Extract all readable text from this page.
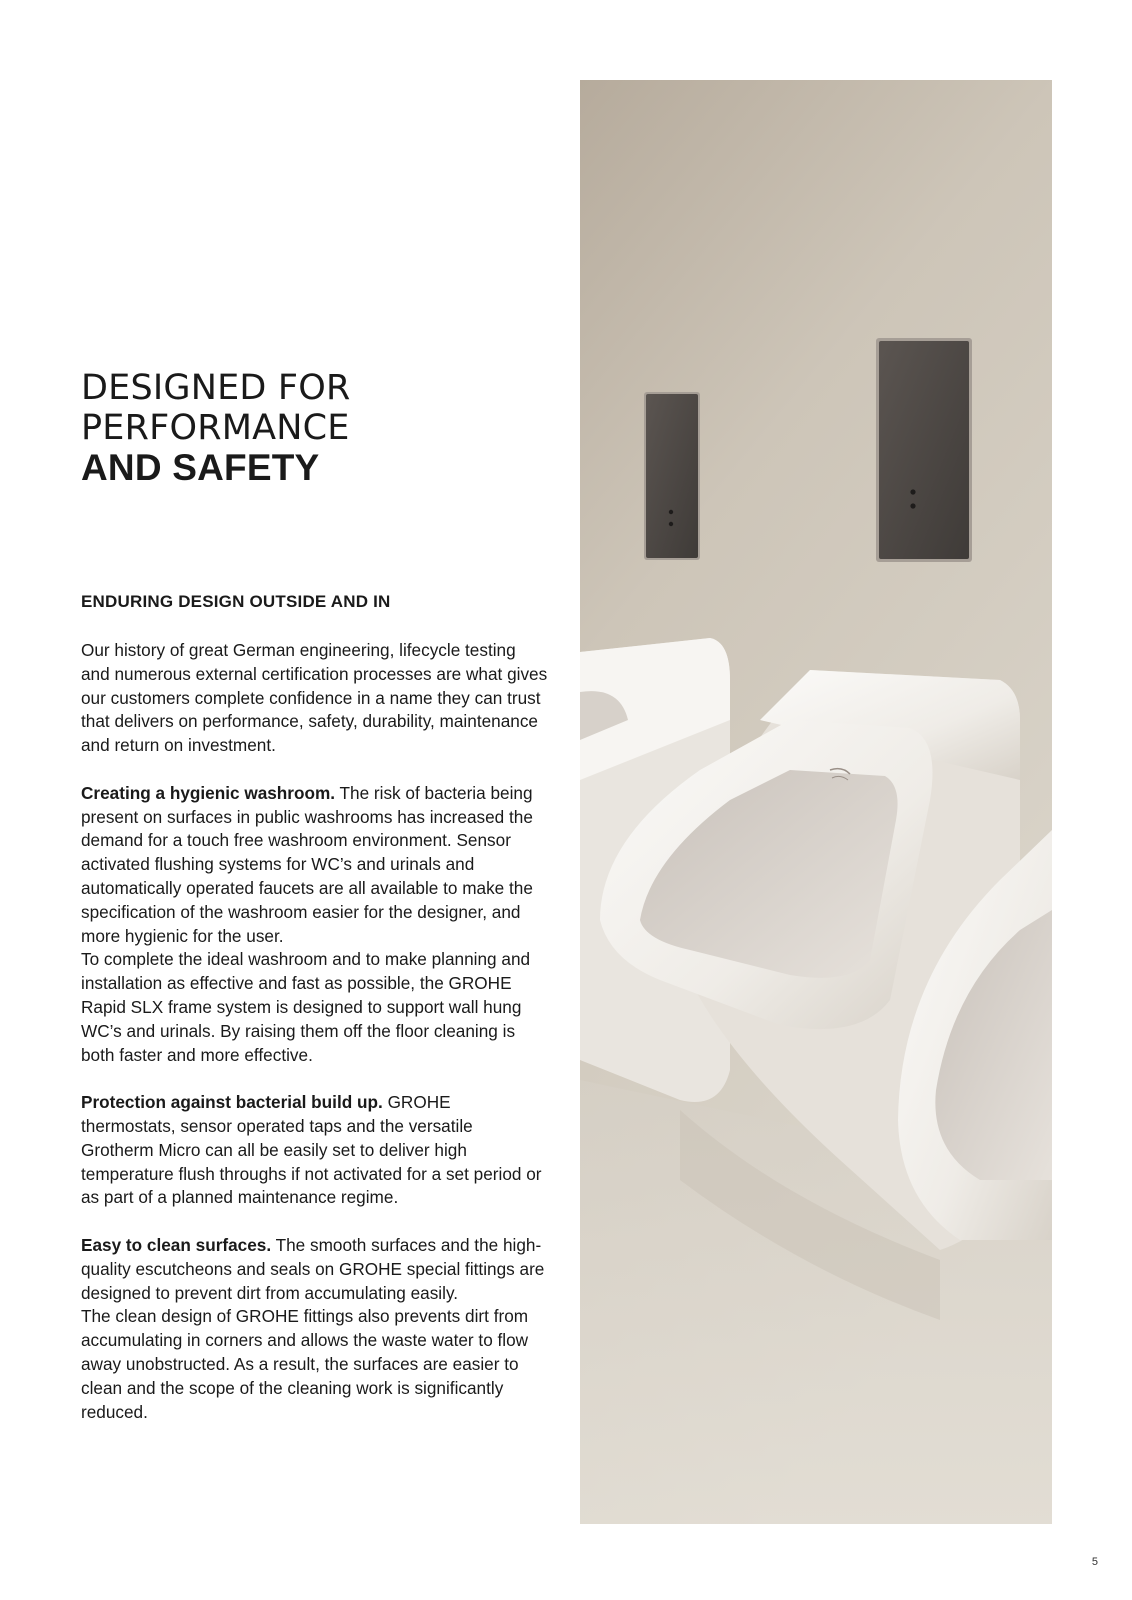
DESIGNED FOR
PERFORMANCE
AND SAFETY
ENDURING DESIGN OUTSIDE AND IN

Our history of great German engineering, lifecycle testing and numerous external certification processes are what gives our customers complete confidence in a name they can trust that delivers on performance, safety, durability, maintenance and return on investment.

Creating a hygienic washroom. The risk of bacteria being present on surfaces in public washrooms has increased the demand for a touch free washroom environment. Sensor activated flushing systems for WC’s and urinals and automatically operated faucets are all available to make the specification of the washroom easier for the designer, and more hygienic for the user.

To complete the ideal washroom and to make planning and installation as effective and fast as possible, the GROHE Rapid SLX frame system is designed to support wall hung WC’s and urinals. By raising them off the floor cleaning is both faster and more effective.

Protection against bacterial build up. GROHE thermostats, sensor operated taps and the versatile Grotherm Micro can all be easily set to deliver high temperature flush throughs if not activated for a set period or as part of a planned maintenance regime.

Easy to clean surfaces. The smooth surfaces and the high-quality escutcheons and seals on GROHE special fittings are designed to prevent dirt from accumulating easily.

The clean design of GROHE fittings also prevents dirt from accumulating in corners and allows the waste water to flow away unobstructed. As a result, the surfaces are easier to clean and the scope of the cleaning work is significantly reduced.

5
